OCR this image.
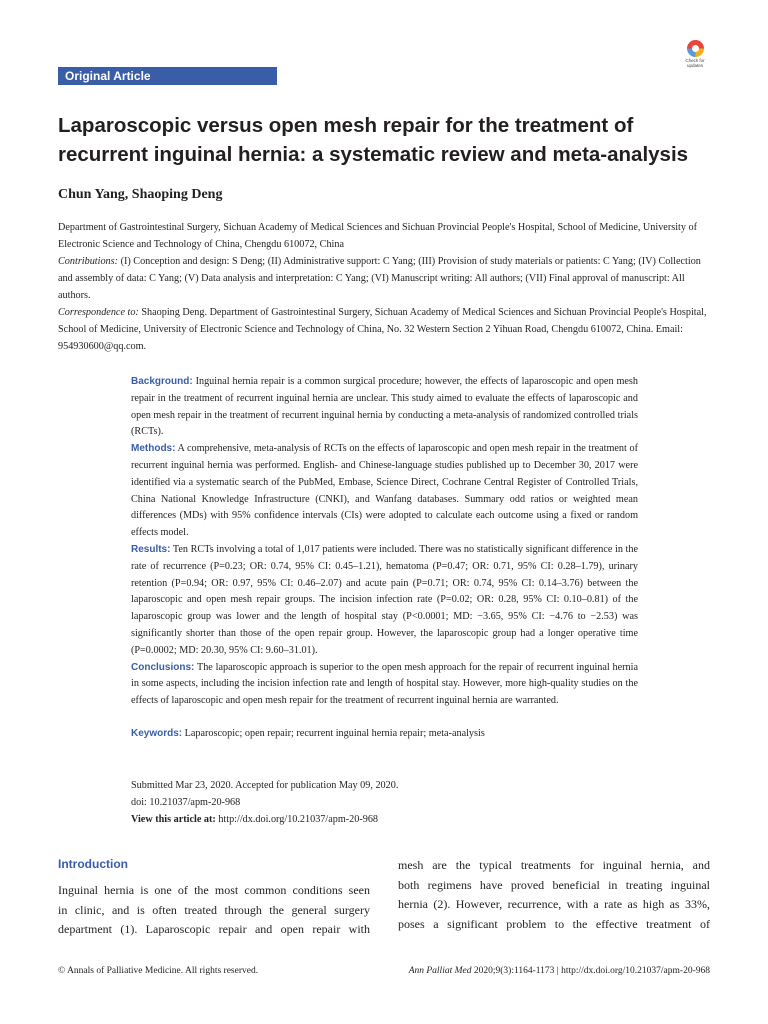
Original Article
Check for updates
Laparoscopic versus open mesh repair for the treatment of recurrent inguinal hernia: a systematic review and meta-analysis
Chun Yang, Shaoping Deng
Department of Gastrointestinal Surgery, Sichuan Academy of Medical Sciences and Sichuan Provincial People's Hospital, School of Medicine, University of Electronic Science and Technology of China, Chengdu 610072, China
Contributions: (I) Conception and design: S Deng; (II) Administrative support: C Yang; (III) Provision of study materials or patients: C Yang; (IV) Collection and assembly of data: C Yang; (V) Data analysis and interpretation: C Yang; (VI) Manuscript writing: All authors; (VII) Final approval of manuscript: All authors.
Correspondence to: Shaoping Deng. Department of Gastrointestinal Surgery, Sichuan Academy of Medical Sciences and Sichuan Provincial People's Hospital, School of Medicine, University of Electronic Science and Technology of China, No. 32 Western Section 2 Yihuan Road, Chengdu 610072, China. Email: 954930600@qq.com.

Background: Inguinal hernia repair is a common surgical procedure; however, the effects of laparoscopic and open mesh repair in the treatment of recurrent inguinal hernia are unclear. This study aimed to evaluate the effects of laparoscopic and open mesh repair in the treatment of recurrent inguinal hernia by conducting a meta-analysis of randomized controlled trials (RCTs).

Methods: A comprehensive, meta-analysis of RCTs on the effects of laparoscopic and open mesh repair in the treatment of recurrent inguinal hernia was performed. English- and Chinese-language studies published up to December 30, 2017 were identified via a systematic search of the PubMed, Embase, Science Direct, Cochrane Central Register of Controlled Trials, China National Knowledge Infrastructure (CNKI), and Wanfang databases. Summary odd ratios or weighted mean differences (MDs) with 95% confidence intervals (CIs) were adopted to calculate each outcome using a fixed or random effects model.

Results: Ten RCTs involving a total of 1,017 patients were included. There was no statistically significant difference in the rate of recurrence (P=0.23; OR: 0.74, 95% CI: 0.45–1.21), hematoma (P=0.47; OR: 0.71, 95% CI: 0.28–1.79), urinary retention (P=0.94; OR: 0.97, 95% CI: 0.46–2.07) and acute pain (P=0.71; OR: 0.74, 95% CI: 0.14–3.76) between the laparoscopic and open mesh repair groups. The incision infection rate (P=0.02; OR: 0.28, 95% CI: 0.10–0.81) of the laparoscopic group was lower and the length of hospital stay (P<0.0001; MD: −3.65, 95% CI: −4.76 to −2.53) was significantly shorter than those of the open repair group. However, the laparoscopic group had a longer operative time (P=0.0002; MD: 20.30, 95% CI: 9.60–31.01).

Conclusions: The laparoscopic approach is superior to the open mesh approach for the repair of recurrent inguinal hernia in some aspects, including the incision infection rate and length of hospital stay. However, more high-quality studies on the effects of laparoscopic and open mesh repair for the treatment of recurrent inguinal hernia are warranted.

Keywords: Laparoscopic; open repair; recurrent inguinal hernia repair; meta-analysis

Submitted Mar 23, 2020. Accepted for publication May 09, 2020.
doi: 10.21037/apm-20-968
View this article at: http://dx.doi.org/10.21037/apm-20-968
Introduction
Inguinal hernia is one of the most common conditions seen
in clinic, and is often treated through the general surgery
department (1). Laparoscopic repair and open repair with
mesh are the typical treatments for inguinal hernia, and
both regimens have proved beneficial in treating inguinal
hernia (2). However, recurrence, with a rate as high as 33%,
poses a significant problem to the effective treatment of
© Annals of Palliative Medicine. All rights reserved.	Ann Palliat Med 2020;9(3):1164-1173 | http://dx.doi.org/10.21037/apm-20-968
